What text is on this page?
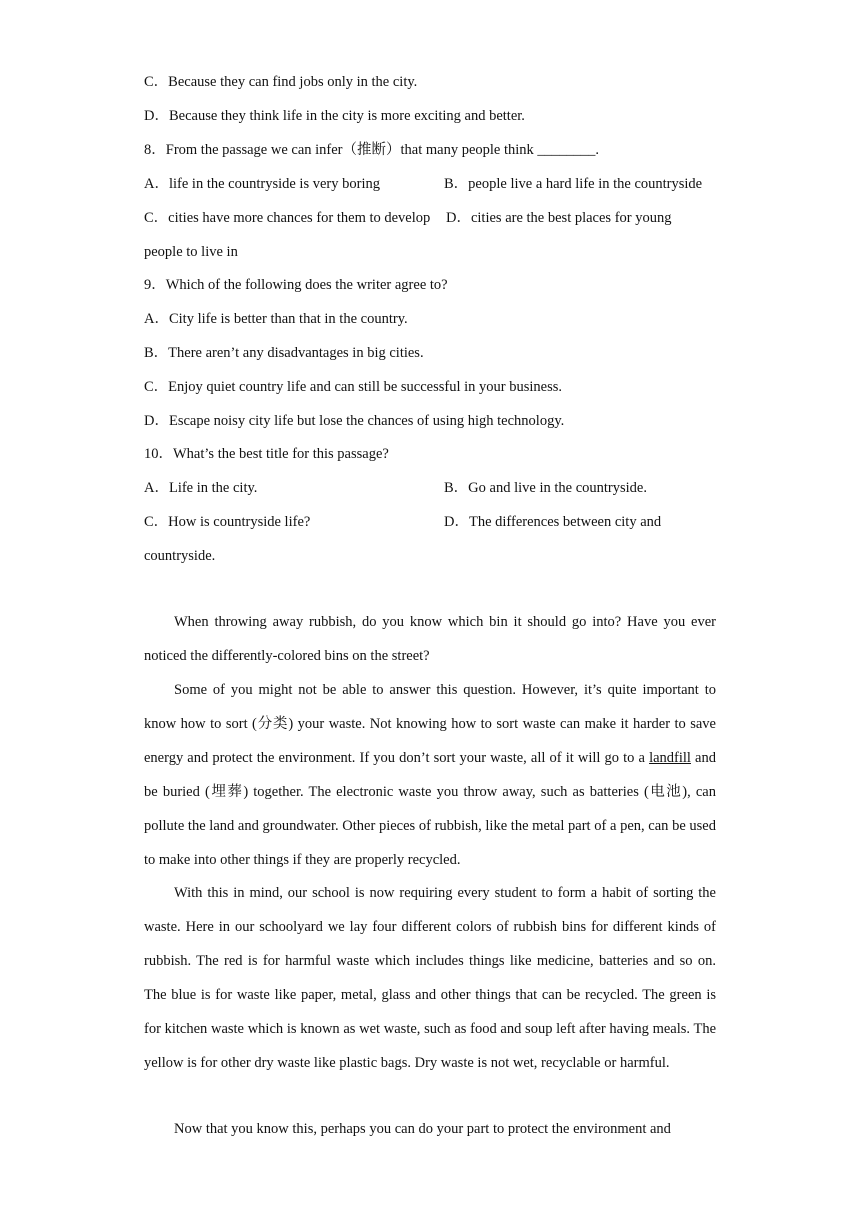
C．Because they can find jobs only in the city.
D．Because they think life in the city is more exciting and better.
8．From the passage we can infer（推断）that many people think ________.
A．life in the countryside is very boring	B．people live a hard life in the countryside
C．cities have more chances for them to develop D．cities are the best places for young
people to live in
9．Which of the following does the writer agree to?
A．City life is better than that in the country.
B．There aren’t any disadvantages in big cities.
C．Enjoy quiet country life and can still be successful in your business.
D．Escape noisy city life but lose the chances of using high technology.
10．What’s the best title for this passage?
A．Life in the city.	B．Go and live in the countryside.
C．How is countryside life?	D．The differences between city and
countryside.
When throwing away rubbish, do you know which bin it should go into? Have you ever noticed the differently-colored bins on the street?
Some of you might not be able to answer this question. However, it’s quite important to know how to sort (分类) your waste. Not knowing how to sort waste can make it harder to save energy and protect the environment. If you don’t sort your waste, all of it will go to a landfill and be buried (埋葬) together. The electronic waste you throw away, such as batteries (电池), can pollute the land and groundwater. Other pieces of rubbish, like the metal part of a pen, can be used to make into other things if they are properly recycled.
With this in mind, our school is now requiring every student to form a habit of sorting the waste. Here in our schoolyard we lay four different colors of rubbish bins for different kinds of rubbish. The red is for harmful waste which includes things like medicine, batteries and so on. The blue is for waste like paper, metal, glass and other things that can be recycled. The green is for kitchen waste which is known as wet waste, such as food and soup left after having meals. The yellow is for other dry waste like plastic bags. Dry waste is not wet, recyclable or harmful.
Now that you know this, perhaps you can do your part to protect the environment and
